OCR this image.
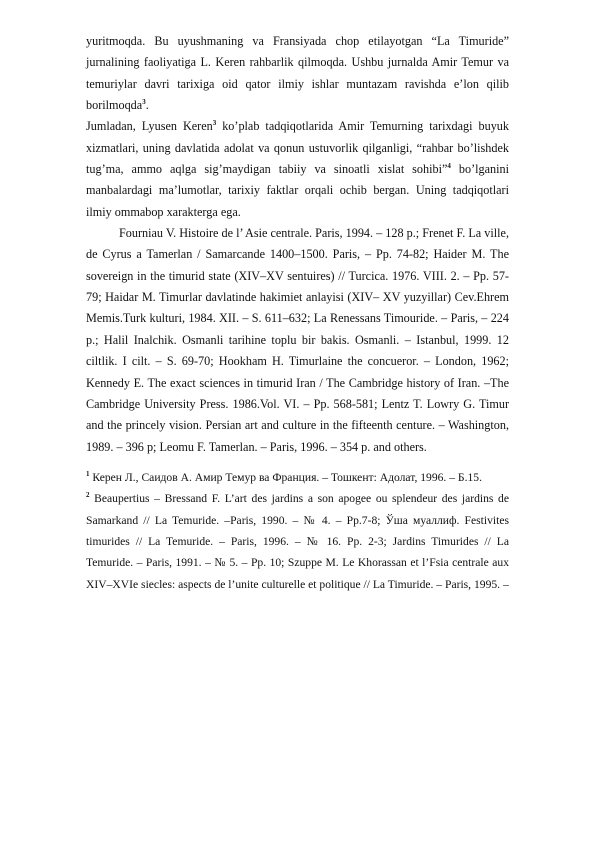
yuritmoqda. Bu uyushmaning va Fransiyada chop etilayotgan “La Timuride” jurnalining faoliyatiga L. Keren rahbarlik qilmoqda. Ushbu jurnalda Amir Temur va temuriylar davri tarixiga oid qator ilmiy ishlar muntazam ravishda e’lon qilib borilmoqda$^3$.

Jumladan, Lyusen Keren$^3$ ko’plab tadqiqotlarida Amir Temurning tarixdagi buyuk xizmatlari, uning davlatida adolat va qonun ustuvorlik qilganligi, “rahbar bo’lishdek tug’ma, ammo aqlga sig’maydigan tabiiy va sinoatli xislat sohibi”$^4$ bo’lganini manbalardagi ma’lumotlar, tarixiy faktlar orqali ochib bergan. Uning tadqiqotlari ilmiy ommabop xarakterga ega.

Fourniau V. Histoire de l’ Asie centrale. Paris, 1994. – 128 p.; Frenet F. La ville, de Cyrus a Tamerlan / Samarcande 1400–1500. Paris, – Pp. 74-82; Haider M. The sovereign in the timurid state (XIV–XV sentuires) // Turcica. 1976. VIII. 2. – Pp. 57-79; Haidar M. Timurlar davlatinde hakimiet anlayisi (XIV– XV yuzyillar) Cev.Ehrem Memis.Turk kulturi, 1984. XII. – S. 611–632; La Renessans Timouride. – Paris, – 224 p.; Halil Inalchik. Osmanli tarihine toplu bir bakis. Osmanli. – Istanbul, 1999. 12 ciltlik. I cilt. – S. 69-70; Hookham H. Timurlaine the concueror. – London, 1962; Kennedy E. The exact sciences in timurid Iran / The Cambridge history of Iran. –The Cambridge University Press. 1986.Vol. VI. – Pp. 568-581; Lentz T. Lowry G. Timur and the princely vision. Persian art and culture in the fifteenth centure. – Washington, 1989. – 396 p; Leomu F. Tamerlan. – Paris, 1996. – 354 p. and others.

$^1$ Керен Л., Саидов А. Амир Темур ва Франция. – Тошкент: Адолат, 1996. – Б.15.

$^2$ Beaupertius – Bressand F. L’art des jardins a son apogee ou splendeur des jardins de Samarkand // La Temuride. –Paris, 1990. – № 4. – Pp.7-8; Ўша муаллиф. Festivites timurides // La Temuride. – Paris, 1996. – № 16. Pp. 2-3; Jardins Timurides // La Temuride. – Paris, 1991. – № 5. – Pp. 10; Szuppe M. Le Khorassan et l’Fsia centrale aux XIV–XVIe siecles: aspects de l’unite culturelle et politique // La Timuride. – Paris, 1995. –
